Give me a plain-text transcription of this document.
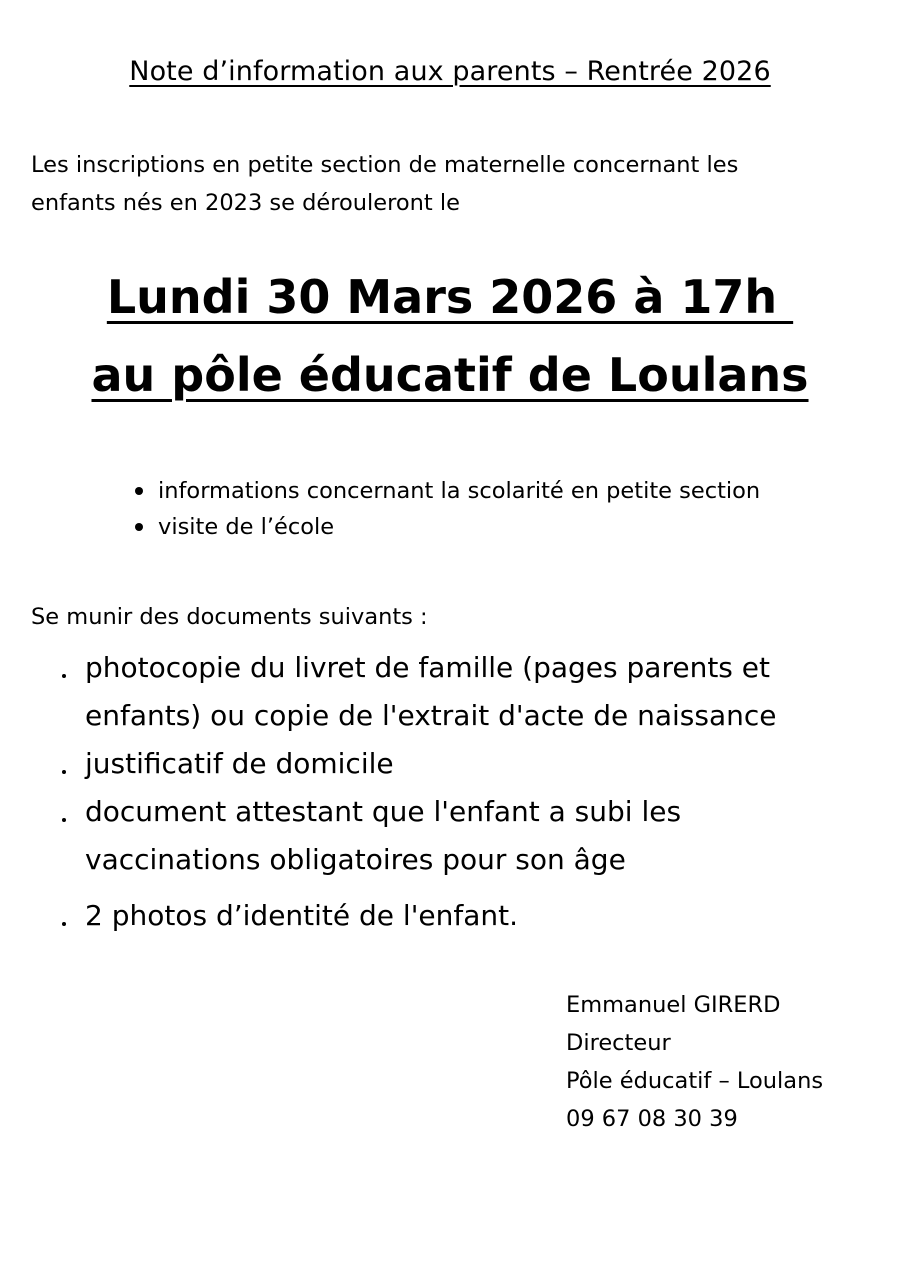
Note d’information aux parents – Rentrée 2026
Les inscriptions en petite section de maternelle concernant les
enfants nés en 2023 se dérouleront le
Lundi 30 Mars 2026 à 17h
au pôle éducatif de Loulans
informations concernant la scolarité en petite section
visite de l’école
Se munir des documents suivants :
photocopie du livret de famille (pages parents et
enfants) ou copie de l'extrait d'acte de naissance
justificatif de domicile
document attestant que l'enfant a subi les
vaccinations obligatoires pour son âge
2 photos d’identité de l'enfant.
Emmanuel GIRERD
Directeur
Pôle éducatif – Loulans
09 67 08 30 39
